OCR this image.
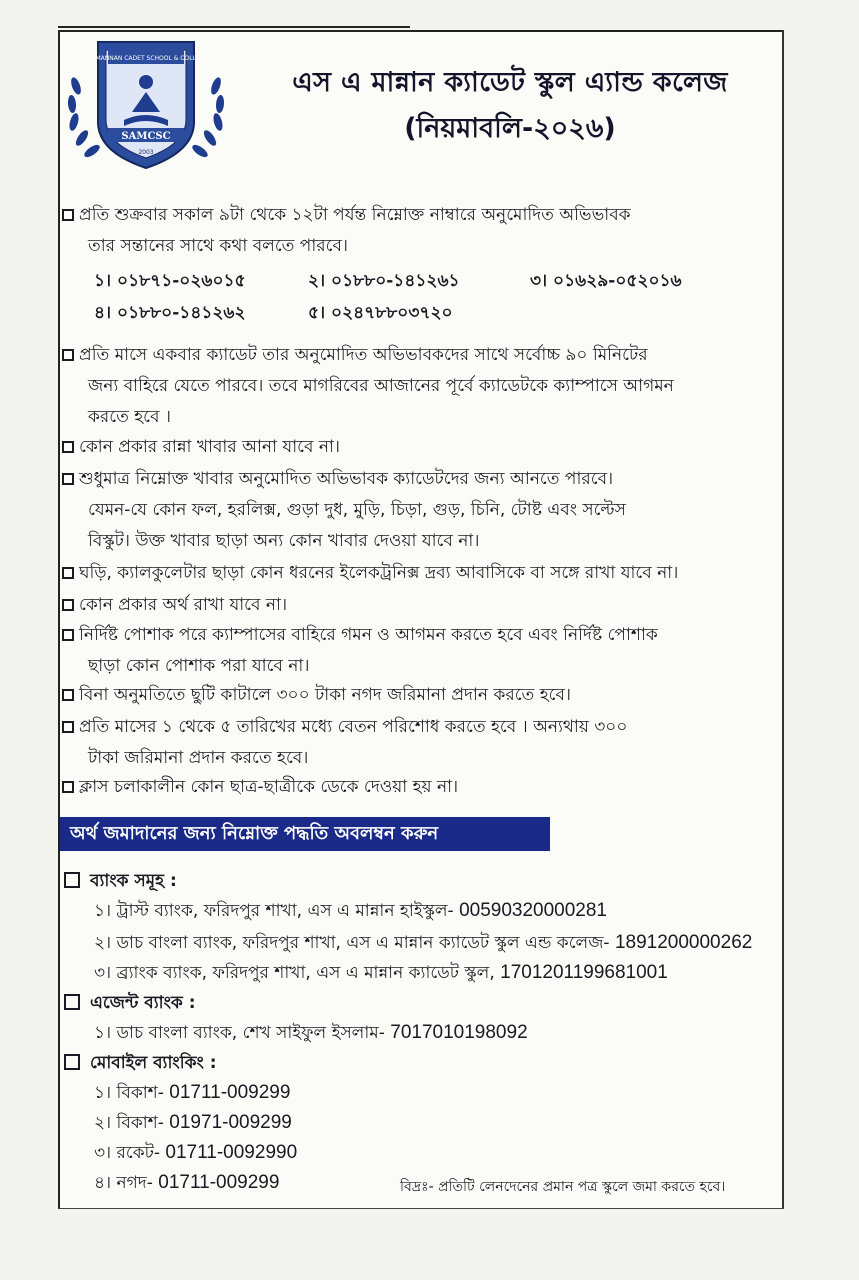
S.A.MANNAN CADET SCHOOL & COLLEGE
SAMCSC
2003
এস এ মান্নান ক্যাডেট স্কুল এ্যান্ড কলেজ
(নিয়মাবলি-২০২৬)
প্রতি শুক্রবার সকাল ৯টা থেকে ১২টা পর্যন্ত নিম্নোক্ত নাম্বারে অনুমোদিত অভিভাবক
তার সন্তানের সাথে কথা বলতে পারবে।
১। ০১৮৭১-০২৬০১৫	২। ০১৮৮০-১৪১২৬১	৩। ০১৬২৯-০৫২০১৬
৪। ০১৮৮০-১৪১২৬২	৫। ০২৪৭৮৮০৩৭২০
প্রতি মাসে একবার ক্যাডেট তার অনুমোদিত অভিভাবকদের সাথে সর্বোচ্চ ৯০ মিনিটের
জন্য বাহিরে যেতে পারবে। তবে মাগরিবের আজানের পূর্বে ক্যাডেটকে ক্যাম্পাসে আগমন
করতে হবে ।
কোন প্রকার রান্না খাবার আনা যাবে না।
শুধুমাত্র নিম্নোক্ত খাবার অনুমোদিত অভিভাবক ক্যাডেটদের জন্য আনতে পারবে।
যেমন-যে কোন ফল, হরলিক্স, গুড়া দুধ, মুড়ি, চিড়া, গুড়, চিনি, টোষ্ট এবং সল্টেস
বিস্কুট। উক্ত খাবার ছাড়া অন্য কোন খাবার দেওয়া যাবে না।
ঘড়ি, ক্যালকুলেটার ছাড়া কোন ধরনের ইলেকট্রনিক্স দ্রব্য আবাসিকে বা সঙ্গে রাখা যাবে না।
কোন প্রকার অর্থ রাখা যাবে না।
নির্দিষ্ট পোশাক পরে ক্যাম্পাসের বাহিরে গমন ও আগমন করতে হবে এবং নির্দিষ্ট পোশাক
ছাড়া কোন পোশাক পরা যাবে না।
বিনা অনুমতিতে ছুটি কাটালে ৩০০ টাকা নগদ জরিমানা প্রদান করতে হবে।
প্রতি মাসের ১ থেকে ৫ তারিখের মধ্যে বেতন পরিশোধ করতে হবে । অন্যথায় ৩০০
টাকা জরিমানা প্রদান করতে হবে।
ক্লাস চলাকালীন কোন ছাত্র-ছাত্রীকে ডেকে দেওয়া হয় না।
অর্থ জমাদানের জন্য নিম্নোক্ত পদ্ধতি অবলম্বন করুন
ব্যাংক সমূহ :
১। ট্রাস্ট ব্যাংক, ফরিদপুর শাখা, এস এ মান্নান হাইস্কুল- 00590320000281
২। ডাচ বাংলা ব্যাংক, ফরিদপুর শাখা, এস এ মান্নান ক্যাডেট স্কুল এন্ড কলেজ- 1891200000262
৩। ব্র্যাংক ব্যাংক, ফরিদপুর শাখা, এস এ মান্নান ক্যাডেট স্কুল, 1701201199681001
এজেন্ট ব্যাংক :
১। ডাচ বাংলা ব্যাংক, শেখ সাইফুল ইসলাম- 7017010198092
মোবাইল ব্যাংকিং :
১। বিকাশ- 01711-009299
২। বিকাশ- 01971-009299
৩। রকেট- 01711-0092990
৪। নগদ- 01711-009299	বিদ্রঃ- প্রতিটি লেনদেনের প্রমান পত্র স্কুলে জমা করতে হবে।
